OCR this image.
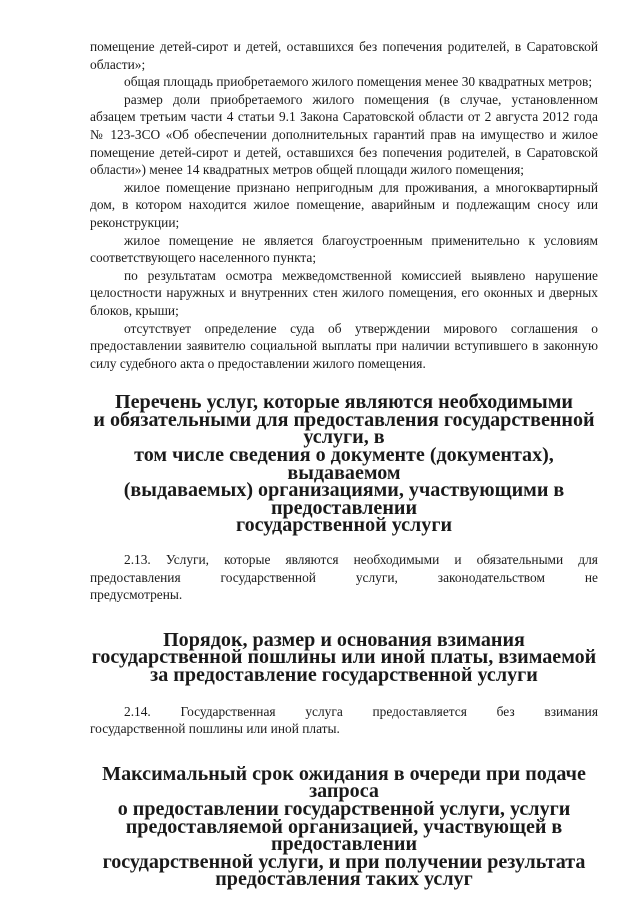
помещение детей-сирот и детей, оставшихся без попечения родителей, в Саратовской области»;

общая площадь приобретаемого жилого помещения менее 30 квадратных метров;

размер доли приобретаемого жилого помещения (в случае, установленном абзацем третьим части 4 статьи 9.1 Закона Саратовской области от 2 августа 2012 года № 123-ЗСО «Об обеспечении дополнительных гарантий прав на имущество и жилое помещение детей-сирот и детей, оставшихся без попечения родителей, в Саратовской области») менее 14 квадратных метров общей площади жилого помещения;

жилое помещение признано непригодным для проживания, а многоквартирный дом, в котором находится жилое помещение, аварийным и подлежащим сносу или реконструкции;

жилое помещение не является благоустроенным применительно к условиям соответствующего населенного пункта;

по результатам осмотра межведомственной комиссией выявлено нарушение целостности наружных и внутренних стен жилого помещения, его оконных и дверных блоков, крыши;

отсутствует определение суда об утверждении мирового соглашения о предоставлении заявителю социальной выплаты при наличии вступившего в законную силу судебного акта о предоставлении жилого помещения.

Перечень услуг, которые являются необходимыми
и обязательными для предоставления государственной услуги, в
том числе сведения о документе (документах), выдаваемом
(выдаваемых) организациями, участвующими в предоставлении
государственной услуги
2.13. Услуги, которые являются необходимыми и обязательными для
предоставления	государственной	услуги,	законодательством	не
предусмотрены.
Порядок, размер и основания взимания
государственной пошлины или иной платы, взимаемой
за предоставление государственной услуги
2.14. Государственная услуга предоставляется без взимания
государственной пошлины или иной платы.
Максимальный срок ожидания в очереди при подаче запроса
о предоставлении государственной услуги, услуги
предоставляемой организацией, участвующей в предоставлении
государственной услуги, и при получении результата
предоставления таких услуг
